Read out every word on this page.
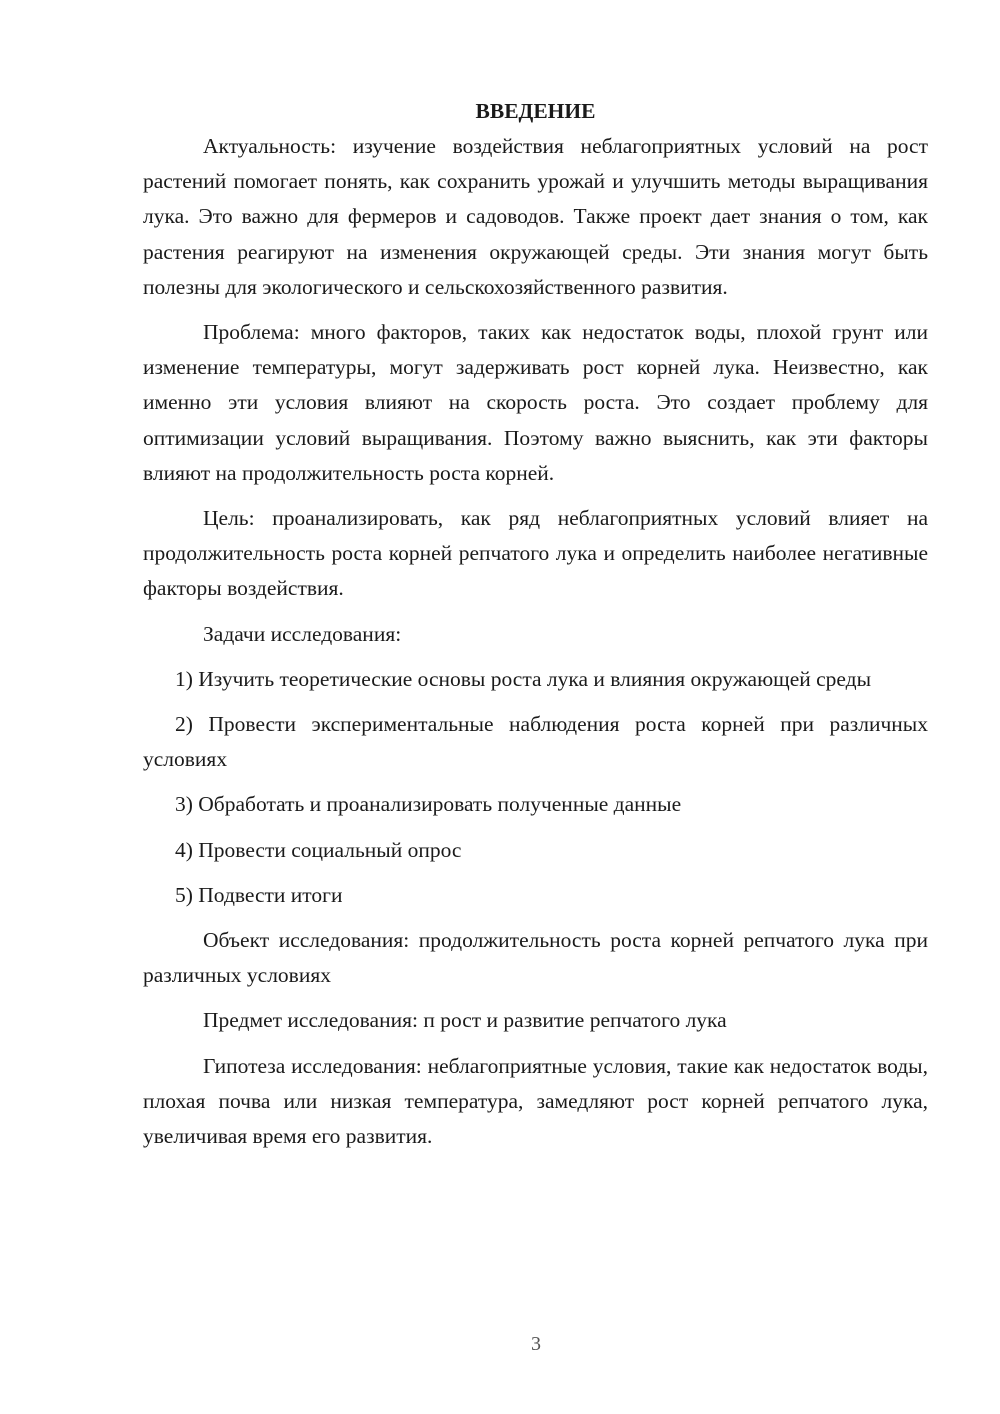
ВВЕДЕНИЕ

Актуальность: изучение воздействия неблагоприятных условий на рост растений помогает понять, как сохранить урожай и улучшить методы выращивания лука. Это важно для фермеров и садоводов. Также проект дает знания о том, как растения реагируют на изменения окружающей среды. Эти знания могут быть полезны для экологического и сельскохозяйственного развития.

Проблема: много факторов, таких как недостаток воды, плохой грунт или изменение температуры, могут задерживать рост корней лука. Неизвестно, как именно эти условия влияют на скорость роста. Это создает проблему для оптимизации условий выращивания. Поэтому важно выяснить, как эти факторы влияют на продолжительность роста корней.

Цель: проанализировать, как ряд неблагоприятных условий влияет на продолжительность роста корней репчатого лука и определить наиболее негативные факторы воздействия.

Задачи исследования:

1) Изучить теоретические основы роста лука и влияния окружающей среды

2) Провести экспериментальные наблюдения роста корней при различных условиях

3) Обработать и проанализировать полученные данные

4) Провести социальный опрос

5) Подвести итоги

Объект исследования: продолжительность роста корней репчатого лука при различных условиях

Предмет исследования: п рост и развитие репчатого лука

Гипотеза исследования: неблагоприятные условия, такие как недостаток воды, плохая почва или низкая температура, замедляют рост корней репчатого лука, увеличивая время его развития.

3
